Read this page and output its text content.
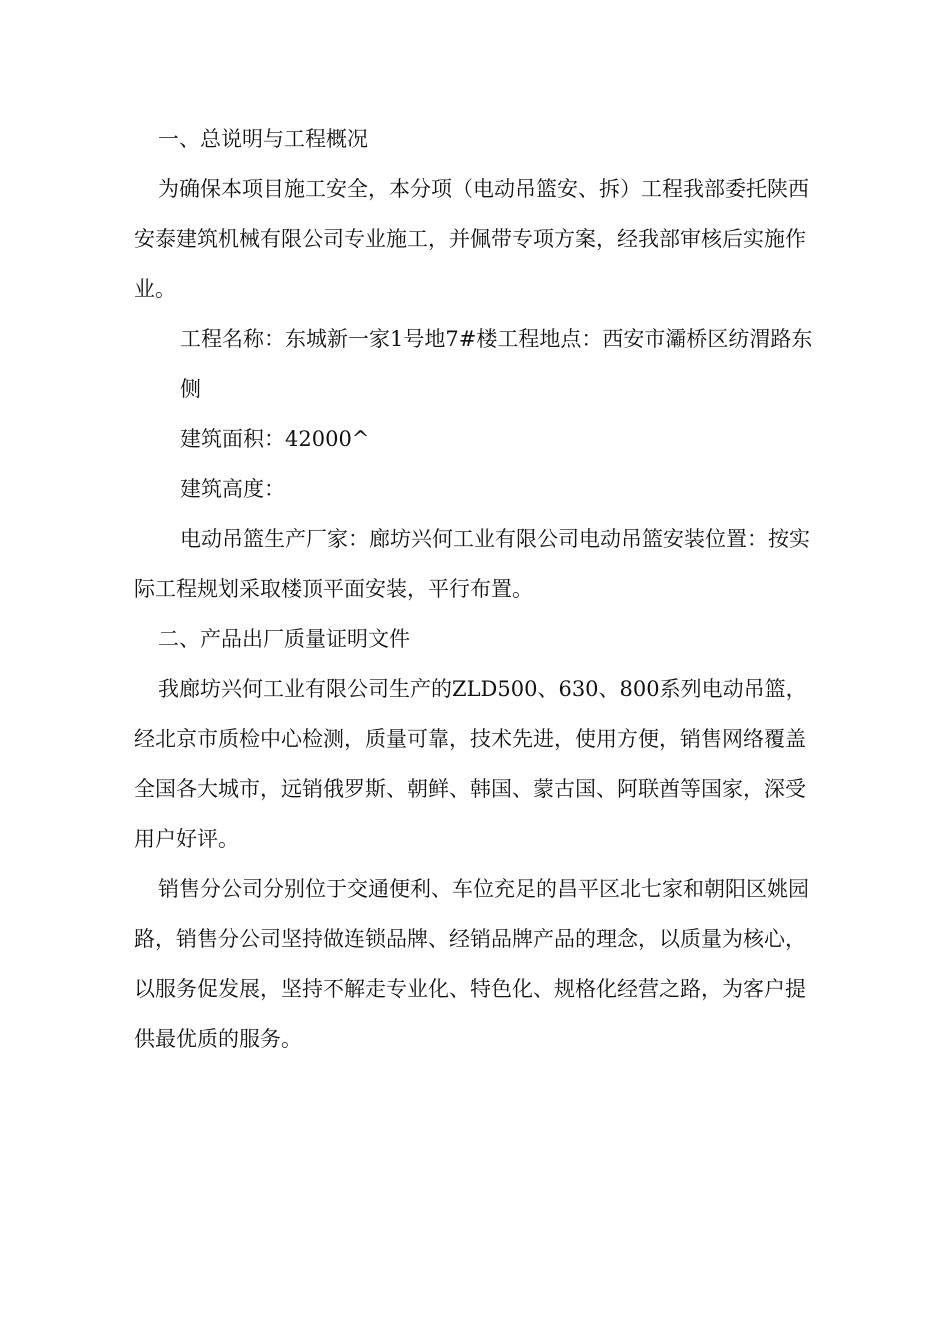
一、总说明与工程概况

为确保本项目施工安全，本分项（电动吊篮安、拆）工程我部委托陕西安泰建筑机械有限公司专业施工，并佩带专项方案，经我部审核后实施作业。

工程名称：东城新一家1号地7#楼工程地点：西安市灞桥区纺渭路东侧

建筑面积：42000^

建筑高度：

电动吊篮生产厂家：廊坊兴何工业有限公司电动吊篮安装位置：按实际工程规划采取楼顶平面安装，平行布置。

二、产品出厂质量证明文件

我廊坊兴何工业有限公司生产的ZLD500、630、800系列电动吊篮，经北京市质检中心检测，质量可靠，技术先进，使用方便，销售网络覆盖全国各大城市，远销俄罗斯、朝鲜、韩国、蒙古国、阿联酋等国家，深受用户好评。

销售分公司分别位于交通便利、车位充足的昌平区北七家和朝阳区姚园路，销售分公司坚持做连锁品牌、经销品牌产品的理念，以质量为核心，以服务促发展，坚持不解走专业化、特色化、规格化经营之路，为客户提供最优质的服务。
